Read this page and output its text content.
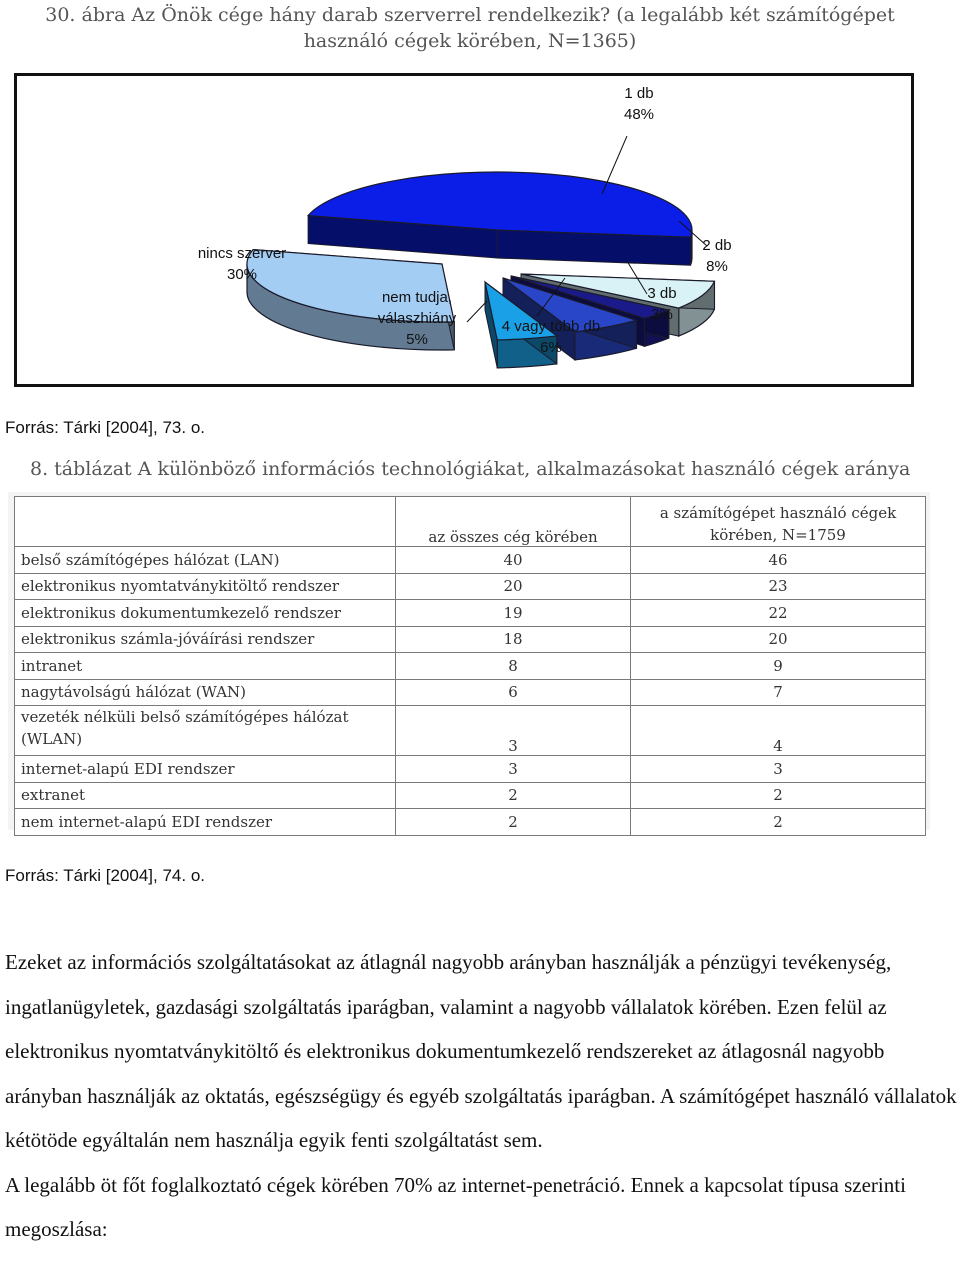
30. ábra Az Önök cége hány darab szerverrel rendelkezik? (a legalább két számítógépet
használó cégek körében, N=1365)
1 db 48%
2 db 8%
3 db 3%
4 vagy több db 6%
nem tudja, válaszhiány 5%
nincs szerver 30%
Forrás: Tárki [2004], 73. o.
8. táblázat A különböző információs technológiákat, alkalmazásokat használó cégek aránya
	az összes cég körében	a számítógépet használó cégek
körében, N=1759

belső számítógépes hálózat (LAN)	40	46
elektronikus nyomtatványkitöltő rendszer	20	23
elektronikus dokumentumkezelő rendszer	19	22
elektronikus számla-jóváírási rendszer	18	20
intranet	8	9
nagytávolságú hálózat (WAN)	6	7
vezeték nélküli belső számítógépes hálózat (WLAN)	3	4
internet-alapú EDI rendszer	3	3
extranet	2	2
nem internet-alapú EDI rendszer	2	2
Forrás: Tárki [2004], 74. o.

Ezeket az információs szolgáltatásokat az átlagnál nagyobb arányban használják a pénzügyi tevékenység, ingatlanügyletek, gazdasági szolgáltatás iparágban, valamint a nagyobb vállalatok körében. Ezen felül az elektronikus nyomtatványkitöltő és elektronikus dokumentumkezelő rendszereket az átlagosnál nagyobb arányban használják az oktatás, egészségügy és egyéb szolgáltatás iparágban. A számítógépet használó vállalatok kétötöde egyáltalán nem használja egyik fenti szolgáltatást sem.

A legalább öt főt foglalkoztató cégek körében 70% az internet-penetráció. Ennek a kapcsolat típusa szerinti megoszlása:
